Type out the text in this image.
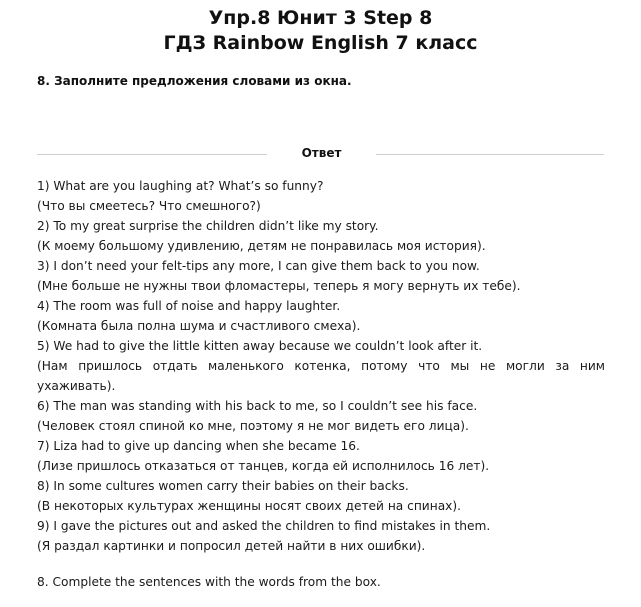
Упр.8 Юнит 3 Step 8
ГДЗ Rainbow English 7 класс
8. Заполните предложения словами из окна.
Ответ

1) What are you laughing at? What’s so funny?

(Что вы смеетесь? Что смешного?)

2) To my great surprise the children didn’t like my story.

(К моему большому удивлению, детям не понравилась моя история).

3) I don’t need your felt-tips any more, I can give them back to you now.

(Мне больше не нужны твои фломастеры, теперь я могу вернуть их тебе).

4) The room was full of noise and happy laughter.

(Комната была полна шума и счастливого смеха).

5) We had to give the little kitten away because we couldn’t look after it.

(Нам пришлось отдать маленького котенка, потому что мы не могли за ним ухаживать).

6) The man was standing with his back to me, so I couldn’t see his face.

(Человек стоял спиной ко мне, поэтому я не мог видеть его лица).

7) Liza had to give up dancing when she became 16.

(Лизе пришлось отказаться от танцев, когда ей исполнилось 16 лет).

8) In some cultures women carry their babies on their backs.

(В некоторых культурах женщины носят своих детей на спинах).

9) I gave the pictures out and asked the children to find mistakes in them.

(Я раздал картинки и попросил детей найти в них ошибки).

8. Complete the sentences with the words from the box.
